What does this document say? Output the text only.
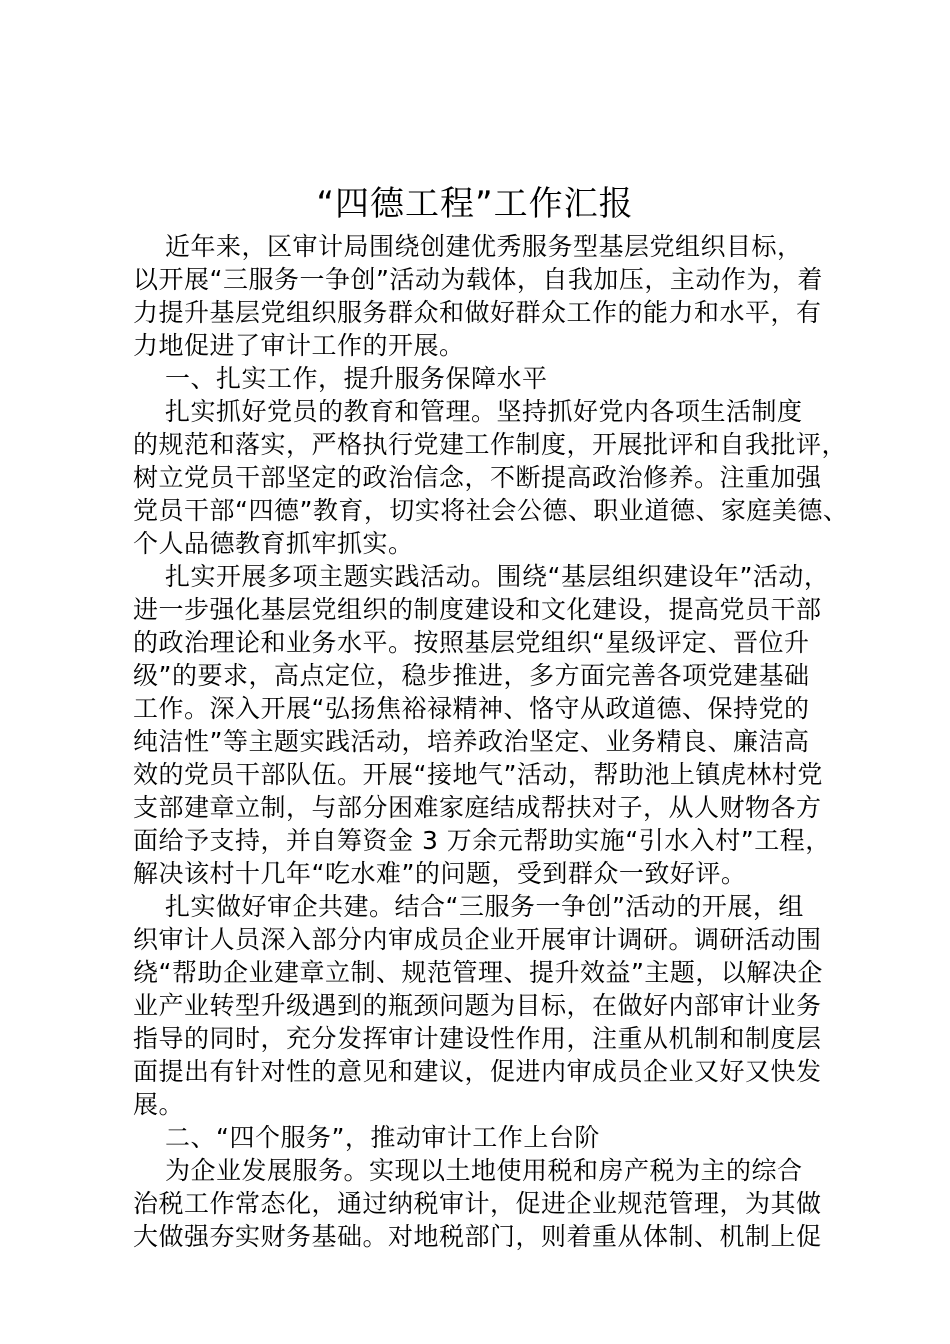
“四德工程”工作汇报
近年来，区审计局围绕创建优秀服务型基层党组织目标，
以开展“三服务一争创”活动为载体，自我加压，主动作为，着
力提升基层党组织服务群众和做好群众工作的能力和水平，有
力地促进了审计工作的开展。
一、扎实工作，提升服务保障水平
扎实抓好党员的教育和管理。坚持抓好党内各项生活制度
的规范和落实，严格执行党建工作制度，开展批评和自我批评，
树立党员干部坚定的政治信念，不断提高政治修养。注重加强
党员干部“四德”教育，切实将社会公德、职业道德、家庭美德、
个人品德教育抓牢抓实。
扎实开展多项主题实践活动。围绕“基层组织建设年”活动，
进一步强化基层党组织的制度建设和文化建设，提高党员干部
的政治理论和业务水平。按照基层党组织“星级评定、晋位升
级”的要求，高点定位，稳步推进，多方面完善各项党建基础
工作。深入开展“弘扬焦裕禄精神、恪守从政道德、保持党的
纯洁性”等主题实践活动，培养政治坚定、业务精良、廉洁高
效的党员干部队伍。开展“接地气”活动，帮助池上镇虎林村党
支部建章立制，与部分困难家庭结成帮扶对子，从人财物各方
面给予支持，并自筹资金 3 万余元帮助实施“引水入村”工程，
解决该村十几年“吃水难”的问题，受到群众一致好评。
扎实做好审企共建。结合“三服务一争创”活动的开展，组
织审计人员深入部分内审成员企业开展审计调研。调研活动围
绕“帮助企业建章立制、规范管理、提升效益”主题，以解决企
业产业转型升级遇到的瓶颈问题为目标，在做好内部审计业务
指导的同时，充分发挥审计建设性作用，注重从机制和制度层
面提出有针对性的意见和建议，促进内审成员企业又好又快发
展。
二、“四个服务”，推动审计工作上台阶
为企业发展服务。实现以土地使用税和房产税为主的综合
治税工作常态化，通过纳税审计，促进企业规范管理，为其做
大做强夯实财务基础。对地税部门，则着重从体制、机制上促
